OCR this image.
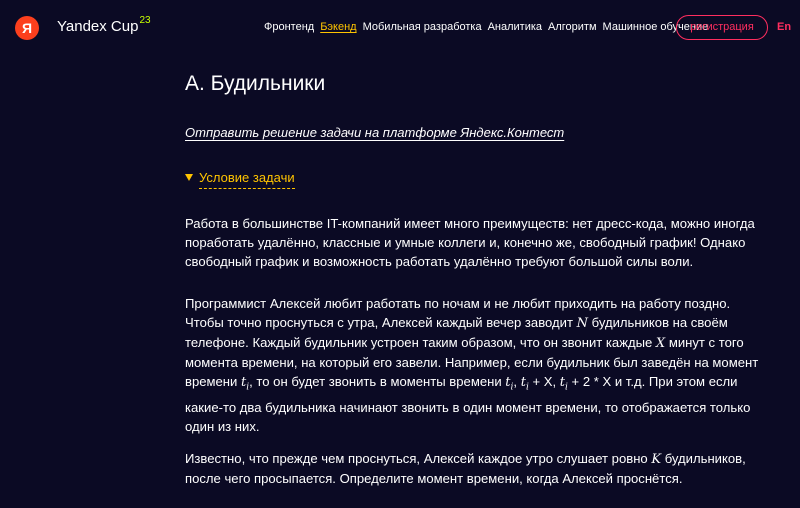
Я	Yandex Cup$^{23}$
Фронтенд Бэкенд Мобильная разработка Аналитика Алгоритм Машинное обучение
регистрация	En
А. Будильники
Отправить решение задачи на платформе Яндекс.Контест
Условие задачи

Работа в большинстве IT-компаний имеет много преимуществ: нет дресс-кода, можно иногда поработать удалённо, классные и умные коллеги и, конечно же, свободный график! Однако свободный график и возможность работать удалённо требуют большой силы воли.

Программист Алексей любит работать по ночам и не любит приходить на работу поздно. Чтобы точно проснуться с утра, Алексей каждый вечер заводит N будильников на своём телефоне. Каждый будильник устроен таким образом, что он звонит каждые X минут с того момента времени, на который его завели. Например, если будильник был заведён на момент времени $t_i$, то он будет звонить в моменты времени $t_i$, $t_i + X$, $t_i + 2 * X$ и т.д. При этом если какие-то два будильника начинают звонить в один момент времени, то отображается только один из них.

Известно, что прежде чем проснуться, Алексей каждое утро слушает ровно K будильников, после чего просыпается. Определите момент времени, когда Алексей проснётся.
